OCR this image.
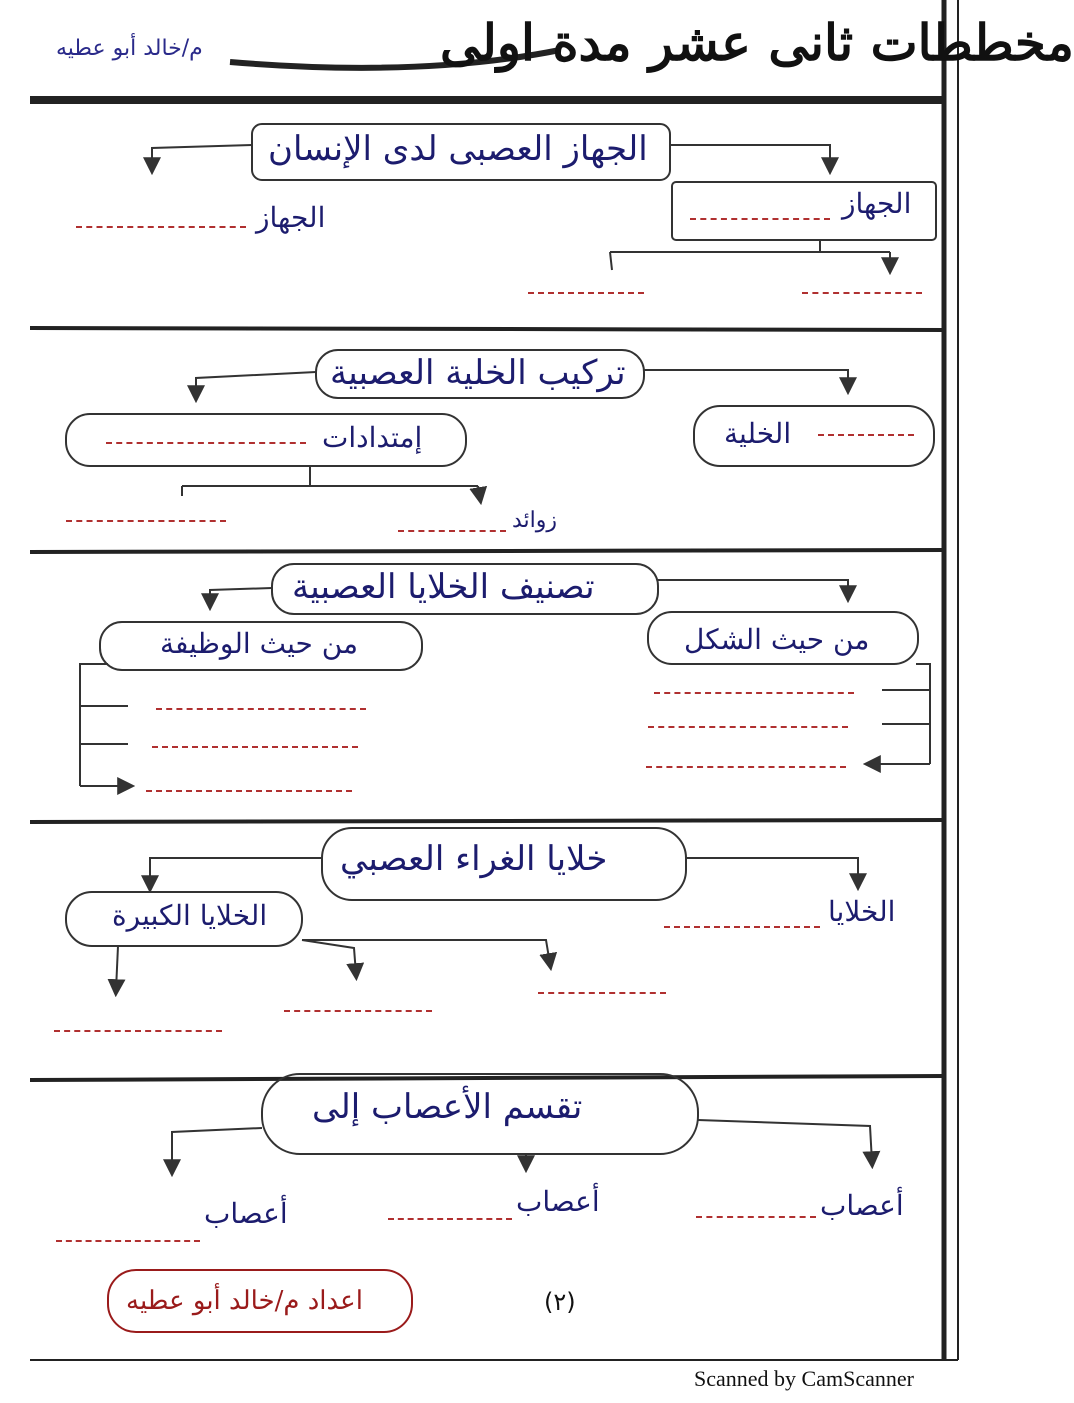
مخططات ثانى عشر مدة اولى
م/خالد أبو عطيه
الجهاز العصبى لدى الإنسان
الجهاز
الجهاز
تركيب الخلية العصبية
الخلية
إمتدادات
زوائد
تصنيف الخلايا العصبية
من حيث الشكل
من حيث الوظيفة
خلايا الغراء العصبي
الخلايا
الخلايا الكبيرة
تقسم الأعصاب إلى
أعصاب
أعصاب
أعصاب
اعداد م/خالد أبو عطيه	(٢)
Scanned by CamScanner
